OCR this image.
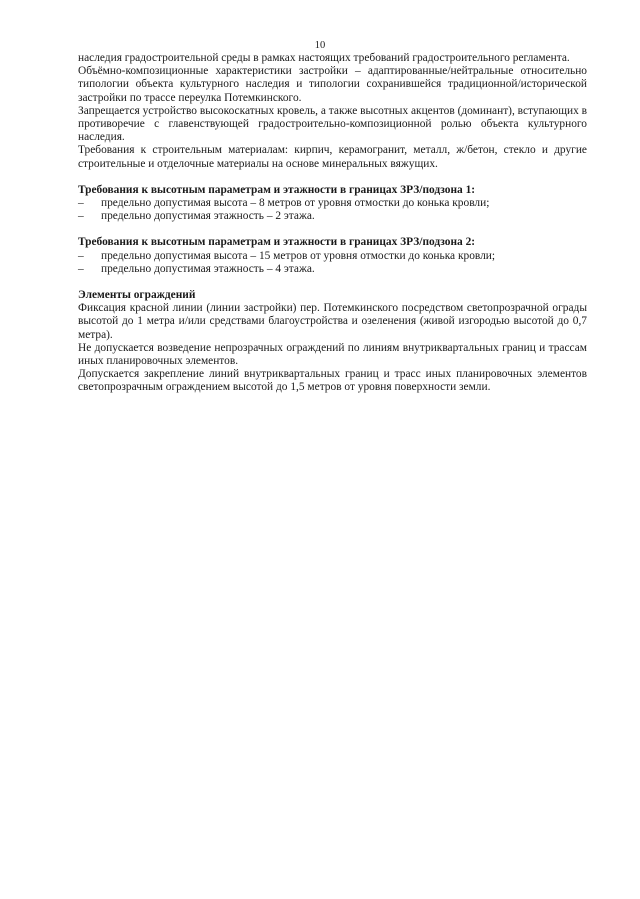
10

наследия градостроительной среды в рамках настоящих требований градостроительного регламента.

Объёмно-композиционные характеристики застройки – адаптированные/нейтральные относительно типологии объекта культурного наследия и типологии сохранившейся традиционной/исторической застройки по трассе переулка Потемкинского.

Запрещается устройство высокоскатных кровель, а также высотных акцентов (доминант), вступающих в противоречие с главенствующей градостроительно-композиционной ролью объекта культурного наследия.

Требования к строительным материалам: кирпич, керамогранит, металл, ж/бетон, стекло и другие строительные и отделочные материалы на основе минеральных вяжущих.

Требования к высотным параметрам и этажности в границах ЗРЗ/подзона 1:

– предельно допустимая высота – 8 метров от уровня отмостки до конька кровли;

– предельно допустимая этажность – 2 этажа.

Требования к высотным параметрам и этажности в границах ЗРЗ/подзона 2:

– предельно допустимая высота – 15 метров от уровня отмостки до конька кровли;

– предельно допустимая этажность – 4 этажа.

Элементы ограждений

Фиксация красной линии (линии застройки) пер. Потемкинского посредством светопрозрачной ограды высотой до 1 метра и/или средствами благоустройства и озеленения (живой изгородью высотой до 0,7 метра).

Не допускается возведение непрозрачных ограждений по линиям внутриквартальных границ и трассам иных планировочных элементов.

Допускается закрепление линий внутриквартальных границ и трасс иных планировочных элементов светопрозрачным ограждением высотой до 1,5 метров от уровня поверхности земли.
